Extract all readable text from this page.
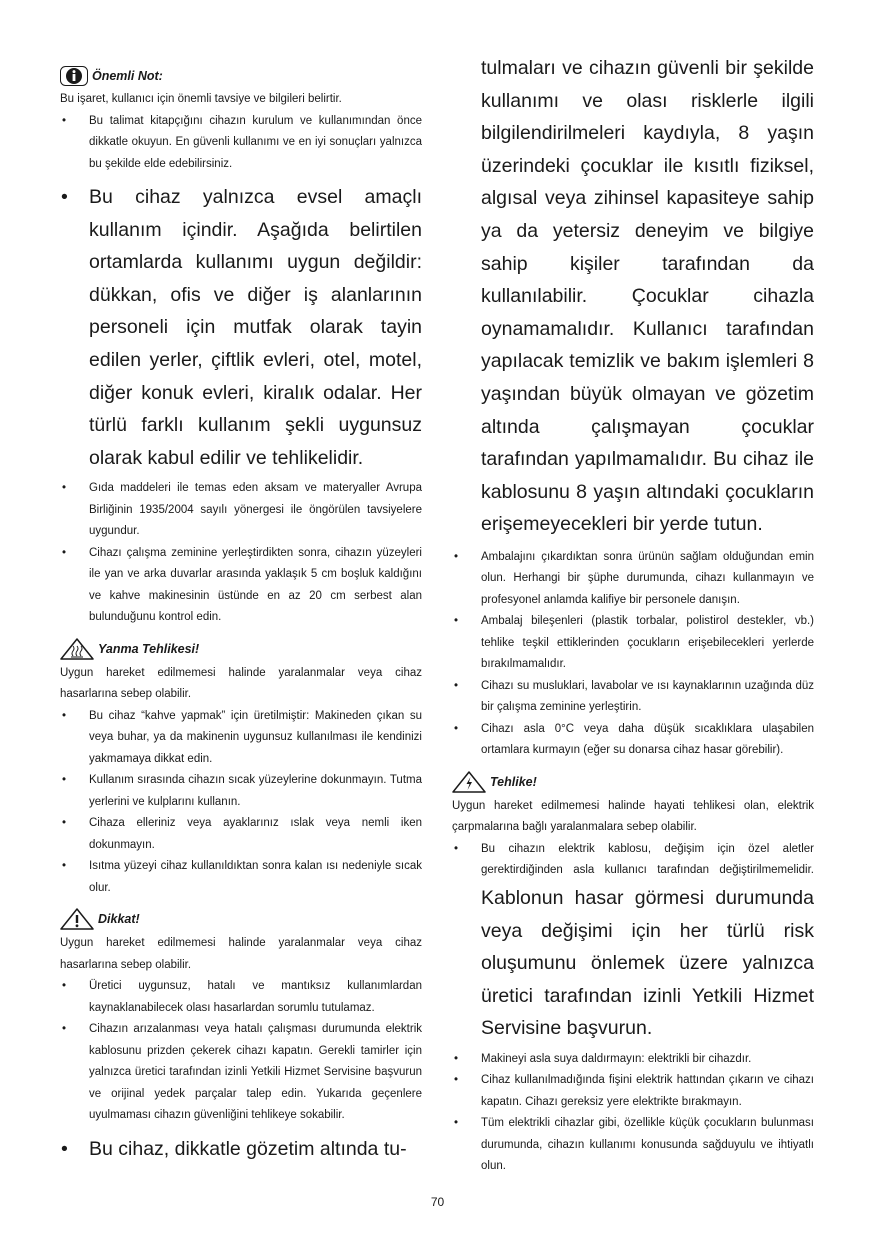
Önemli Not:

Bu işaret, kullanıcı için önemli tavsiye ve bilgileri belirtir.

• Bu talimat kitapçığını cihazın kurulum ve kullanımından önce dikkatle okuyun. En güvenli kullanımı ve en iyi sonuçları yalnızca bu şekilde elde edebilirsiniz.
• Bu cihaz yalnızca evsel amaçlı kullanım içindir. Aşağıda belirtilen ortamlarda kullanımı uygun değildir: dükkan, ofis ve diğer iş alanlarının personeli için mutfak olarak tayin edilen yerler, çiftlik evleri, otel, motel, diğer konuk evleri, kiralık odalar. Her türlü farklı kullanım şekli uygunsuz olarak kabul edilir ve tehlikelidir.
• Gıda maddeleri ile temas eden aksam ve materyaller Avrupa Birliğinin 1935/2004 sayılı yönergesi ile öngörülen tavsiyelere uygundur.
• Cihazı çalışma zeminine yerleştirdikten sonra, cihazın yüzeyleri ile yan ve arka duvarlar arasında yaklaşık 5 cm boşluk kaldığını ve kahve makinesinin üstünde en az 20 cm serbest alan bulunduğunu kontrol edin.
Yanma Tehlikesi!

Uygun hareket edilmemesi halinde yaralanmalar veya cihaz hasarlarına sebep olabilir.

• Bu cihaz “kahve yapmak” için üretilmiştir: Makineden çıkan su veya buhar, ya da makinenin uygunsuz kullanılması ile kendinizi yakmamaya dikkat edin.
• Kullanım sırasında cihazın sıcak yüzeylerine dokunmayın. Tutma yerlerini ve kulplarını kullanın.
• Cihaza elleriniz veya ayaklarınız ıslak veya nemli iken dokunmayın.
• Isıtma yüzeyi cihaz kullanıldıktan sonra kalan ısı nedeniyle sıcak olur.
Dikkat!

Uygun hareket edilmemesi halinde yaralanmalar veya cihaz hasarlarına sebep olabilir.

• Üretici uygunsuz, hatalı ve mantıksız kullanımlardan kaynaklanabilecek olası hasarlardan sorumlu tutulamaz.
• Cihazın arızalanması veya hatalı çalışması durumunda elektrik kablosunu prizden çekerek cihazı kapatın. Gerekli tamirler için yalnızca üretici tarafından izinli Yetkili Hizmet Servisine başvurun ve orijinal yedek parçalar talep edin. Yukarıda geçenlere uyulmaması cihazın güvenliğini tehlikeye sokabilir.
• Bu cihaz, dikkatle gözetim altında tu-

tulmaları ve cihazın güvenli bir şekilde kullanımı ve olası risklerle ilgili bilgilendirilmeleri kaydıyla, 8 yaşın üzerindeki çocuklar ile kısıtlı fiziksel, algısal veya zihinsel kapasiteye sahip ya da yetersiz deneyim ve bilgiye sahip kişiler tarafından da kullanılabilir. Çocuklar cihazla oynamamalıdır. Kullanıcı tarafından yapılacak temizlik ve bakım işlemleri 8 yaşından büyük olmayan ve gözetim altında çalışmayan çocuklar tarafından yapılmamalıdır. Bu cihaz ile kablosunu 8 yaşın altındaki çocukların erişemeyecekleri bir yerde tutun.

• Ambalajını çıkardıktan sonra ürünün sağlam olduğundan emin olun. Herhangi bir şüphe durumunda, cihazı kullanmayın ve profesyonel anlamda kalifiye bir personele danışın.
• Ambalaj bileşenleri (plastik torbalar, polistirol destekler, vb.) tehlike teşkil ettiklerinden çocukların erişebilecekleri yerlerde bırakılmamalıdır.
• Cihazı su musluklari, lavabolar ve ısı kaynaklarının uzağında düz bir çalışma zeminine yerleştirin.
• Cihazı asla 0°C veya daha düşük sıcaklıklara ulaşabilen ortamlara kurmayın (eğer su donarsa cihaz hasar görebilir).
Tehlike!

Uygun hareket edilmemesi halinde hayati tehlikesi olan, elektrik çarpmalarına bağlı yaralanmalara sebep olabilir.

• Bu cihazın elektrik kablosu, değişim için özel aletler gerektirdiğinden asla kullanıcı tarafından değiştirilmemelidir. Kablonun hasar görmesi durumunda veya değişimi için her türlü risk oluşumunu önlemek üzere yalnızca üretici tarafından izinli Yetkili Hizmet Servisine başvurun.
• Makineyi asla suya daldırmayın: elektrikli bir cihazdır.
• Cihaz kullanılmadığında fişini elektrik hattından çıkarın ve cihazı kapatın. Cihazı gereksiz yere elektrikte bırakmayın.
• Tüm elektrikli cihazlar gibi, özellikle küçük çocukların bulunması durumunda, cihazın kullanımı konusunda sağduyulu ve ihtiyatlı olun.
70
